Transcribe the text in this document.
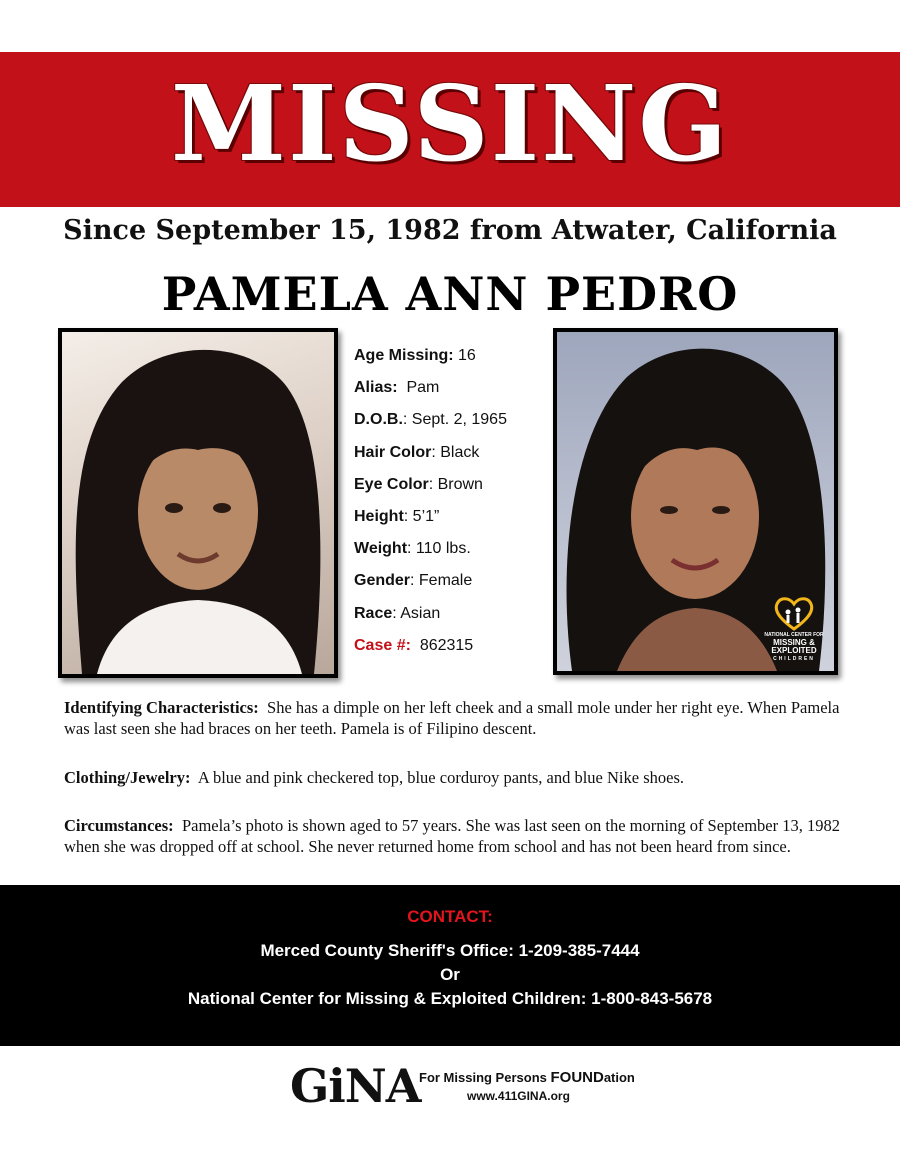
MISSING
Since September 15, 1982 from Atwater, California
PAMELA ANN PEDRO
Age Missing: 16
Alias: Pam
D.O.B.: Sept. 2, 1965
Hair Color: Black
Eye Color: Brown
Height: 5’1”
Weight: 110 lbs.
Gender: Female
Race: Asian
Case #: 862315
NATIONAL CENTER FOR
MISSING &
EXPLOITED
CHILDREN
Identifying Characteristics: She has a dimple on her left cheek and a small mole under her right eye. When Pamela was last seen she had braces on her teeth. Pamela is of Filipino descent.
Clothing/Jewelry: A blue and pink checkered top, blue corduroy pants, and blue Nike shoes.
Circumstances: Pamela’s photo is shown aged to 57 years. She was last seen on the morning of September 13, 1982 when she was dropped off at school. She never returned home from school and has not been heard from since.
CONTACT:
Merced County Sheriff's Office: 1-209-385-7444
Or
National Center for Missing & Exploited Children: 1-800-843-5678
GiNA
For Missing Persons FOUNDation
www.411GINA.org
